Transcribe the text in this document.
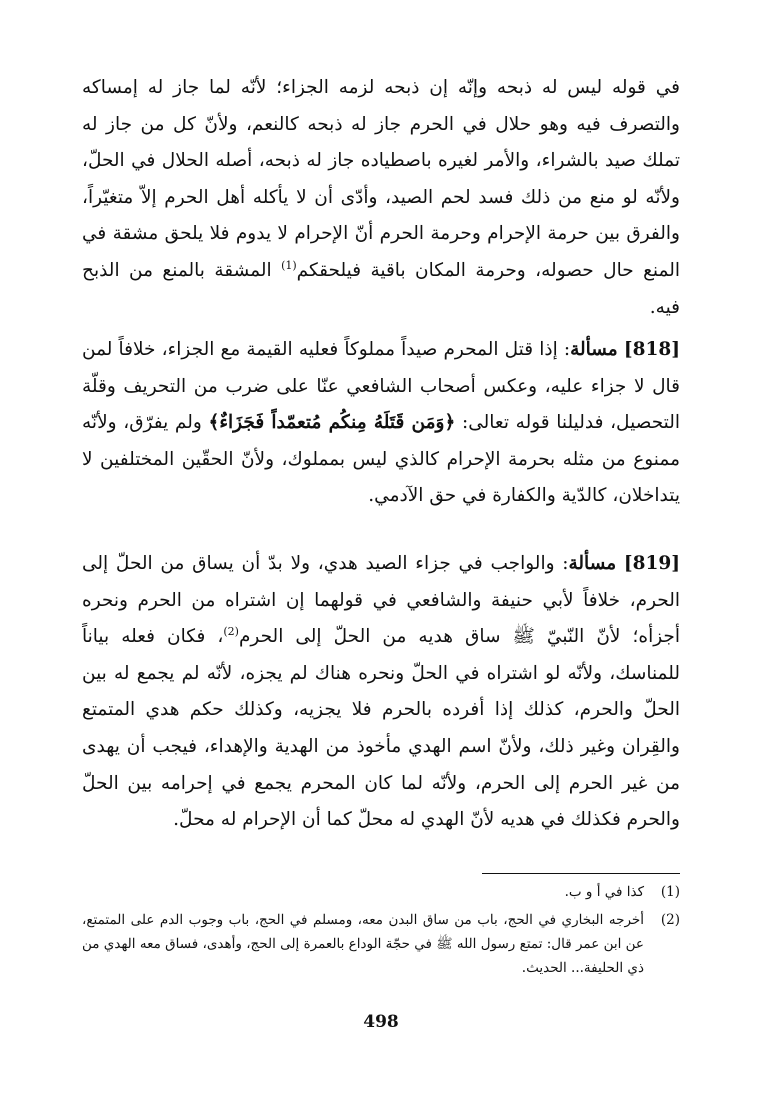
في قوله ليس له ذبحه وإنّه إن ذبحه لزمه الجزاء؛ لأنّه لما جاز له إمساكه والتصرف فيه وهو حلال في الحرم جاز له ذبحه كالنعم، ولأنّ كل من جاز له تملك صيد بالشراء، والأمر لغيره باصطياده جاز له ذبحه، أصله الحلال في الحلّ، ولأنّه لو منع من ذلك فسد لحم الصيد، وأدّى أن لا يأكله أهل الحرم إلاّ متغيّراً، والفرق بين حرمة الإحرام وحرمة الحرم أنّ الإحرام لا يدوم فلا يلحق مشقة في المنع حال حصوله، وحرمة المكان باقية فيلحقكم$^{(1)}$ المشقة بالمنع من الذبح فيه.

[818] مسألة: إذا قتل المحرم صيداً مملوكاً فعليه القيمة مع الجزاء، خلافاً لمن قال لا جزاء عليه، وعكس أصحاب الشافعي عنّا على ضرب من التحريف وقلّة التحصيل، فدليلنا قوله تعالى: ﴿وَمَن قَتَلَهُ مِنكُم مُتعمّداً فَجَزَاءٌ﴾ ولم يفرّق، ولأنّه ممنوع من مثله بحرمة الإحرام كالذي ليس بمملوك، ولأنّ الحقّين المختلفين لا يتداخلان، كالدّية والكفارة في حق الآدمي.

[819] مسألة: والواجب في جزاء الصيد هدي، ولا بدّ أن يساق من الحلّ إلى الحرم، خلافاً لأبي حنيفة والشافعي في قولهما إن اشتراه من الحرم ونحره أجزأه؛ لأنّ النّبيّ ﷺ ساق هديه من الحلّ إلى الحرم$^{(2)}$، فكان فعله بياناً للمناسك، ولأنّه لو اشتراه في الحلّ ونحره هناك لم يجزه، لأنّه لم يجمع له بين الحلّ والحرم، كذلك إذا أفرده بالحرم فلا يجزيه، وكذلك حكم هدي المتمتع والقِران وغير ذلك، ولأنّ اسم الهدي مأخوذ من الهدية والإهداء، فيجب أن يهدى من غير الحرم إلى الحرم، ولأنّه لما كان المحرم يجمع في إحرامه بين الحلّ والحرم فكذلك في هديه لأنّ الهدي له محلّ كما أن الإحرام له محلّ.

(1)
كذا في أ و ب.
(2)
أخرجه البخاري في الحج، باب من ساق البدن معه، ومسلم في الحج، باب وجوب الدم على المتمتع، عن ابن عمر قال: تمتع رسول الله ﷺ في حجّة الوداع بالعمرة إلى الحج، وأهدى، فساق معه الهدي من ذي الحليفة... الحديث.
498
